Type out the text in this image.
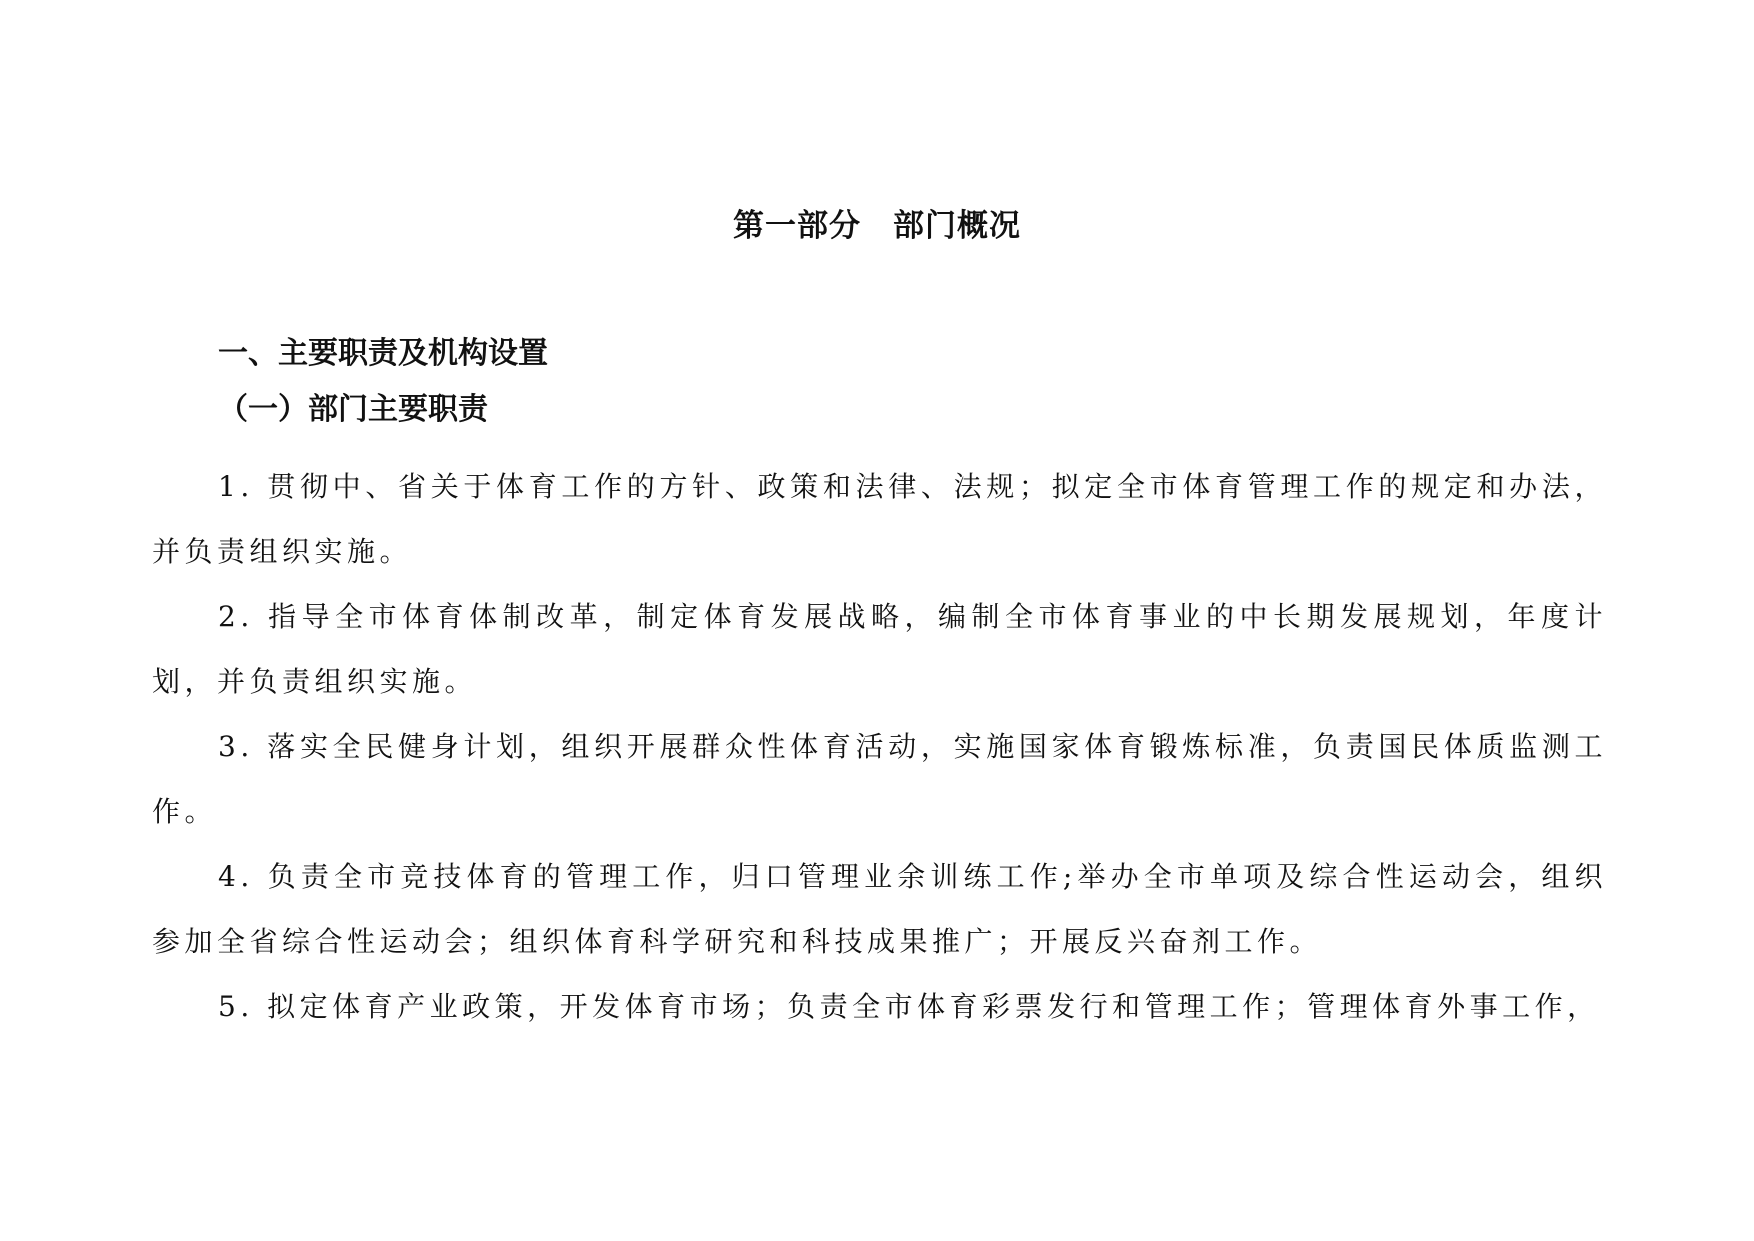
第一部分　部门概况
一、主要职责及机构设置
（一）部门主要职责
1. 贯彻中、省关于体育工作的方针、政策和法律、法规；拟定全市体育管理工作的规定和办法，并负责组织实施。
2. 指导全市体育体制改革，制定体育发展战略，编制全市体育事业的中长期发展规划，年度计划，并负责组织实施。
3. 落实全民健身计划，组织开展群众性体育活动，实施国家体育锻炼标准，负责国民体质监测工作。
4. 负责全市竞技体育的管理工作，归口管理业余训练工作;举办全市单项及综合性运动会，组织参加全省综合性运动会；组织体育科学研究和科技成果推广；开展反兴奋剂工作。
5. 拟定体育产业政策，开发体育市场；负责全市体育彩票发行和管理工作；管理体育外事工作，
